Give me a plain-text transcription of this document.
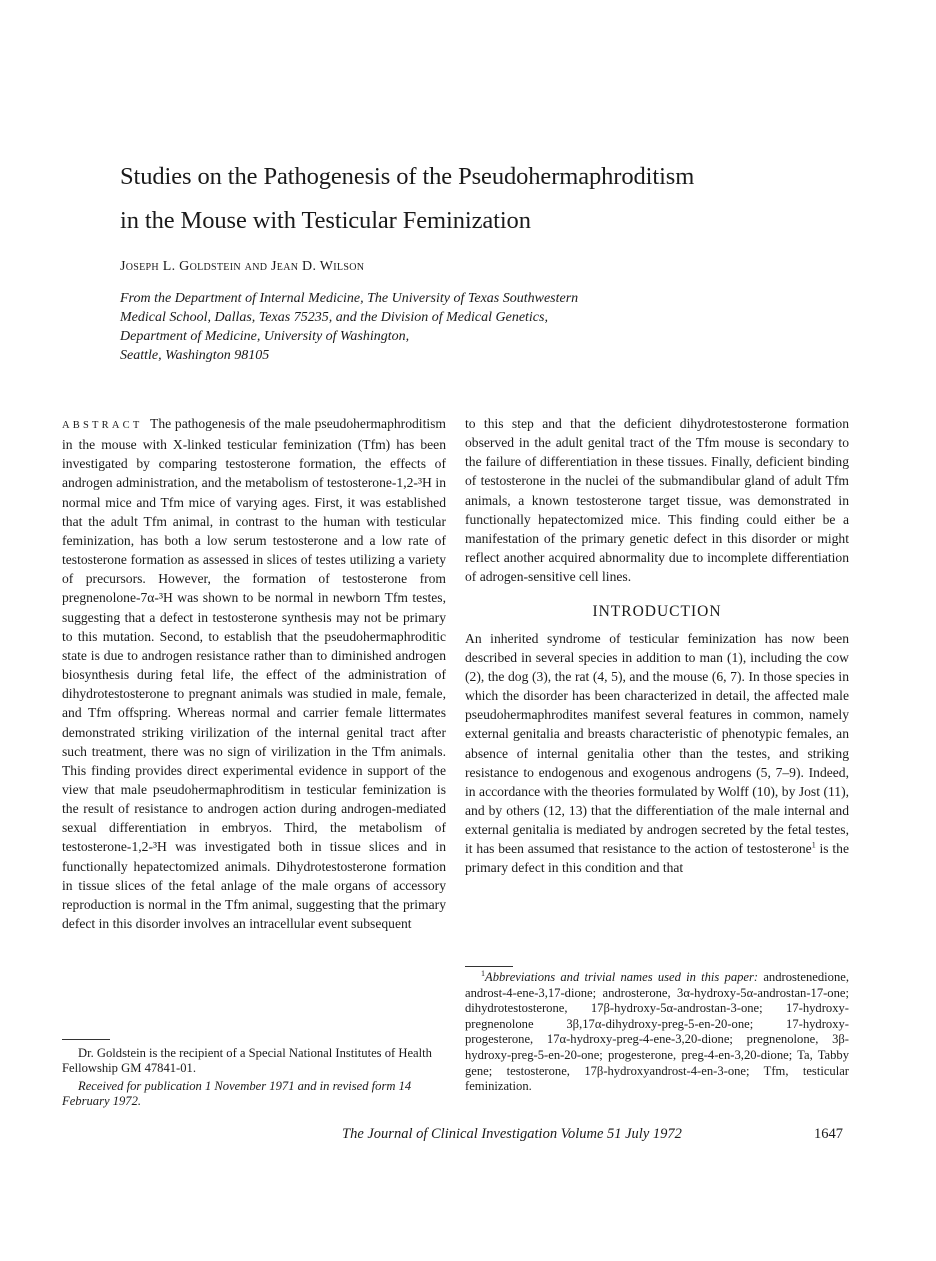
Studies on the Pathogenesis of the Pseudohermaphroditism
in the Mouse with Testicular Feminization
Joseph L. Goldstein and Jean D. Wilson
From the Department of Internal Medicine, The University of Texas Southwestern
Medical School, Dallas, Texas 75235, and the Division of Medical Genetics,
Department of Medicine, University of Washington,
Seattle, Washington 98105

ABSTRACT The pathogenesis of the male pseudohermaphroditism in the mouse with X-linked testicular feminization (Tfm) has been investigated by comparing testosterone formation, the effects of androgen administration, and the metabolism of testosterone-1,2-³H in normal mice and Tfm mice of varying ages. First, it was established that the adult Tfm animal, in contrast to the human with testicular feminization, has both a low serum testosterone and a low rate of testosterone formation as assessed in slices of testes utilizing a variety of precursors. However, the formation of testosterone from pregnenolone-7α-³H was shown to be normal in newborn Tfm testes, suggesting that a defect in testosterone synthesis may not be primary to this mutation. Second, to establish that the pseudohermaphroditic state is due to androgen resistance rather than to diminished androgen biosynthesis during fetal life, the effect of the administration of dihydrotestosterone to pregnant animals was studied in male, female, and Tfm offspring. Whereas normal and carrier female littermates demonstrated striking virilization of the internal genital tract after such treatment, there was no sign of virilization in the Tfm animals. This finding provides direct experimental evidence in support of the view that male pseudohermaphroditism in testicular feminization is the result of resistance to androgen action during androgen-mediated sexual differentiation in embryos. Third, the metabolism of testosterone-1,2-³H was investigated both in tissue slices and in functionally hepatectomized animals. Dihydrotestosterone formation in tissue slices of the fetal anlage of the male organs of accessory reproduction is normal in the Tfm animal, suggesting that the primary defect in this disorder involves an intracellular event subsequent

Dr. Goldstein is the recipient of a Special National Institutes of Health Fellowship GM 47841-01.

Received for publication 1 November 1971 and in revised form 14 February 1972.

to this step and that the deficient dihydrotestosterone formation observed in the adult genital tract of the Tfm mouse is secondary to the failure of differentiation in these tissues. Finally, deficient binding of testosterone in the nuclei of the submandibular gland of adult Tfm animals, a known testosterone target tissue, was demonstrated in functionally hepatectomized mice. This finding could either be a manifestation of the primary genetic defect in this disorder or might reflect another acquired abnormality due to incomplete differentiation of adrogen-sensitive cell lines.

INTRODUCTION

An inherited syndrome of testicular feminization has now been described in several species in addition to man (1), including the cow (2), the dog (3), the rat (4, 5), and the mouse (6, 7). In those species in which the disorder has been characterized in detail, the affected male pseudohermaphrodites manifest several features in common, namely external genitalia and breasts characteristic of phenotypic females, an absence of internal genitalia other than the testes, and striking resistance to endogenous and exogenous androgens (5, 7–9). Indeed, in accordance with the theories formulated by Wolff (10), by Jost (11), and by others (12, 13) that the differentiation of the male internal and external genitalia is mediated by androgen secreted by the fetal testes, it has been assumed that resistance to the action of testosterone$^1$ is the primary defect in this condition and that

$^1$Abbreviations and trivial names used in this paper: androstenedione, androst-4-ene-3,17-dione; androsterone, 3α-hydroxy-5α-androstan-17-one; dihydrotestosterone, 17β-hydroxy-5α-androstan-3-one; 17-hydroxy-pregnenolone 3β,17α-dihydroxy-preg-5-en-20-one; 17-hydroxy-progesterone, 17α-hydroxy-preg-4-ene-3,20-dione; pregnenolone, 3β-hydroxy-preg-5-en-20-one; progesterone, preg-4-en-3,20-dione; Ta, Tabby gene; testosterone, 17β-hydroxyandrost-4-en-3-one; Tfm, testicular feminization.

The Journal of Clinical Investigation Volume 51 July 1972	1647
